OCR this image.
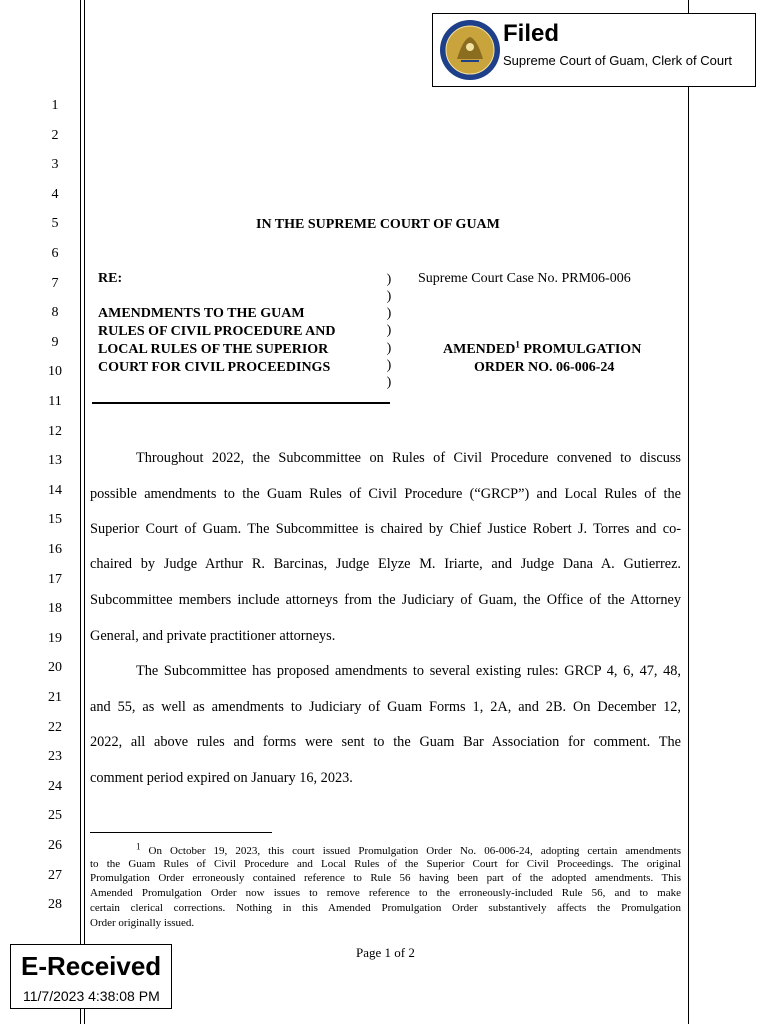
1
2
3
4
5
6
7
8
9
10
11
12
13
14
15
16
17
18
19
20
21
22
23
24
25
26
27
28
Filed
Supreme Court of Guam, Clerk of Court
IN THE SUPREME COURT OF GUAM
RE:
AMENDMENTS TO THE GUAM
RULES OF CIVIL PROCEDURE AND
LOCAL RULES OF THE SUPERIOR
COURT FOR CIVIL PROCEEDINGS
)
)
)
)
)
)
)
Supreme Court Case No. PRM06-006
AMENDED$^1$ PROMULGATION
ORDER NO. 06-006-24
Throughout 2022, the Subcommittee on Rules of Civil Procedure convened to discuss
possible amendments to the Guam Rules of Civil Procedure (“GRCP”) and Local Rules of the
Superior Court of Guam. The Subcommittee is chaired by Chief Justice Robert J. Torres and co-
chaired by Judge Arthur R. Barcinas, Judge Elyze M. Iriarte, and Judge Dana A. Gutierrez.
Subcommittee members include attorneys from the Judiciary of Guam, the Office of the Attorney
General, and private practitioner attorneys.
The Subcommittee has proposed amendments to several existing rules: GRCP 4, 6, 47, 48,
and 55, as well as amendments to Judiciary of Guam Forms 1, 2A, and 2B. On December 12,
2022, all above rules and forms were sent to the Guam Bar Association for comment. The
comment period expired on January 16, 2023.
$^1$ On October 19, 2023, this court issued Promulgation Order No. 06-006-24, adopting certain amendments
to the Guam Rules of Civil Procedure and Local Rules of the Superior Court for Civil Proceedings. The original
Promulgation Order erroneously contained reference to Rule 56 having been part of the adopted amendments. This
Amended Promulgation Order now issues to remove reference to the erroneously-included Rule 56, and to make
certain clerical corrections. Nothing in this Amended Promulgation Order substantively affects the Promulgation
Order originally issued.
Page 1 of 2
E-Received
11/7/2023 4:38:08 PM
